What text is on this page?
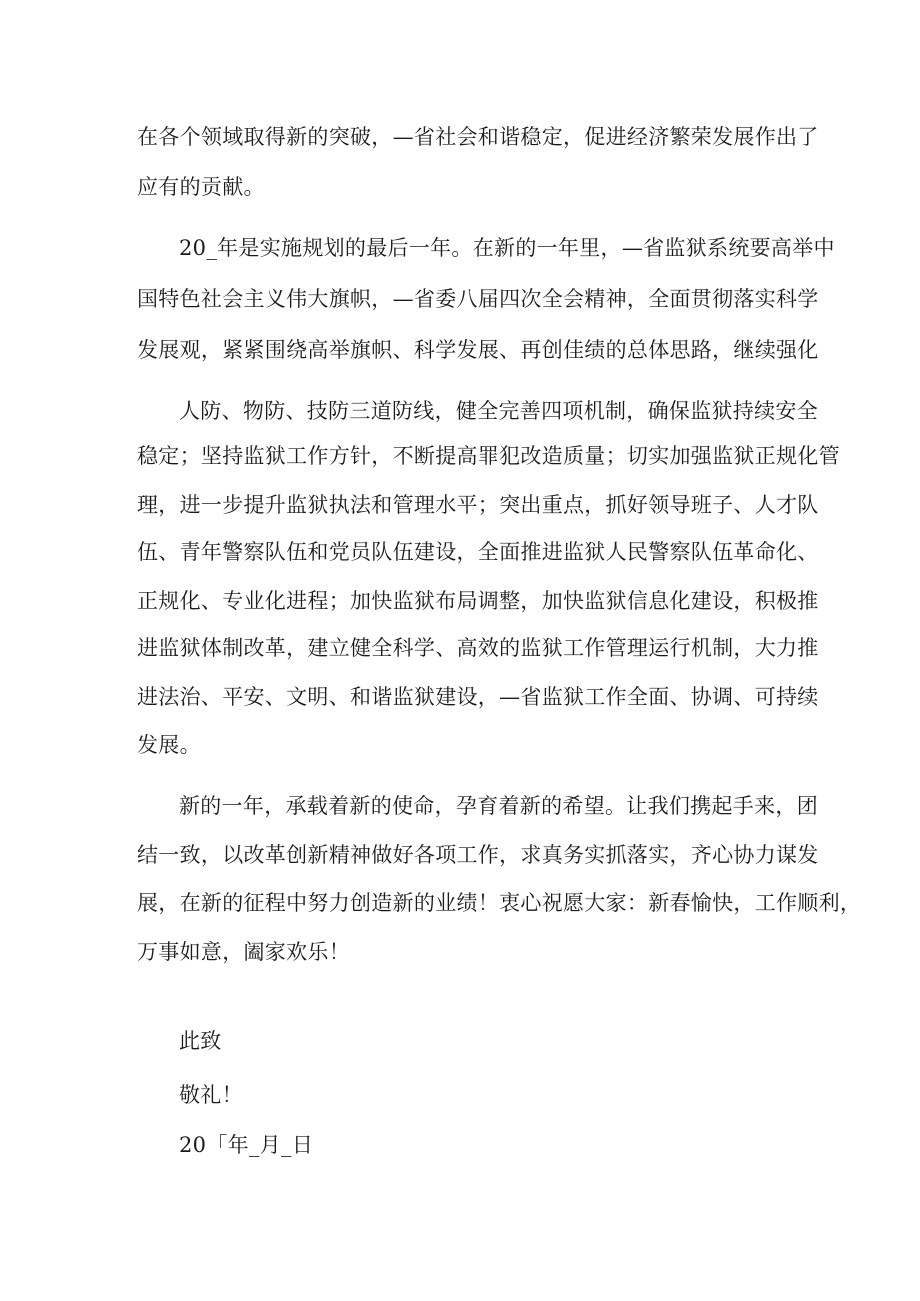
在各个领域取得新的突破，—省社会和谐稳定，促进经济繁荣发展作出了
应有的贡献。
20_年是实施规划的最后一年。在新的一年里，—省监狱系统要高举中
国特色社会主义伟大旗帜，—省委八届四次全会精神，全面贯彻落实科学
发展观，紧紧围绕高举旗帜、科学发展、再创佳绩的总体思路，继续强化
人防、物防、技防三道防线，健全完善四项机制，确保监狱持续安全
稳定；坚持监狱工作方针，不断提高罪犯改造质量；切实加强监狱正规化管
理，进一步提升监狱执法和管理水平；突出重点，抓好领导班子、人才队
伍、青年警察队伍和党员队伍建设，全面推进监狱人民警察队伍革命化、
正规化、专业化进程；加快监狱布局调整，加快监狱信息化建设，积极推
进监狱体制改革，建立健全科学、高效的监狱工作管理运行机制，大力推
进法治、平安、文明、和谐监狱建设，—省监狱工作全面、协调、可持续
发展。
新的一年，承载着新的使命，孕育着新的希望。让我们携起手来，团
结一致，以改革创新精神做好各项工作，求真务实抓落实，齐心协力谋发
展，在新的征程中努力创造新的业绩！衷心祝愿大家：新春愉快，工作顺利，
万事如意，阖家欢乐！
此致
敬礼！
20「年_月_日
